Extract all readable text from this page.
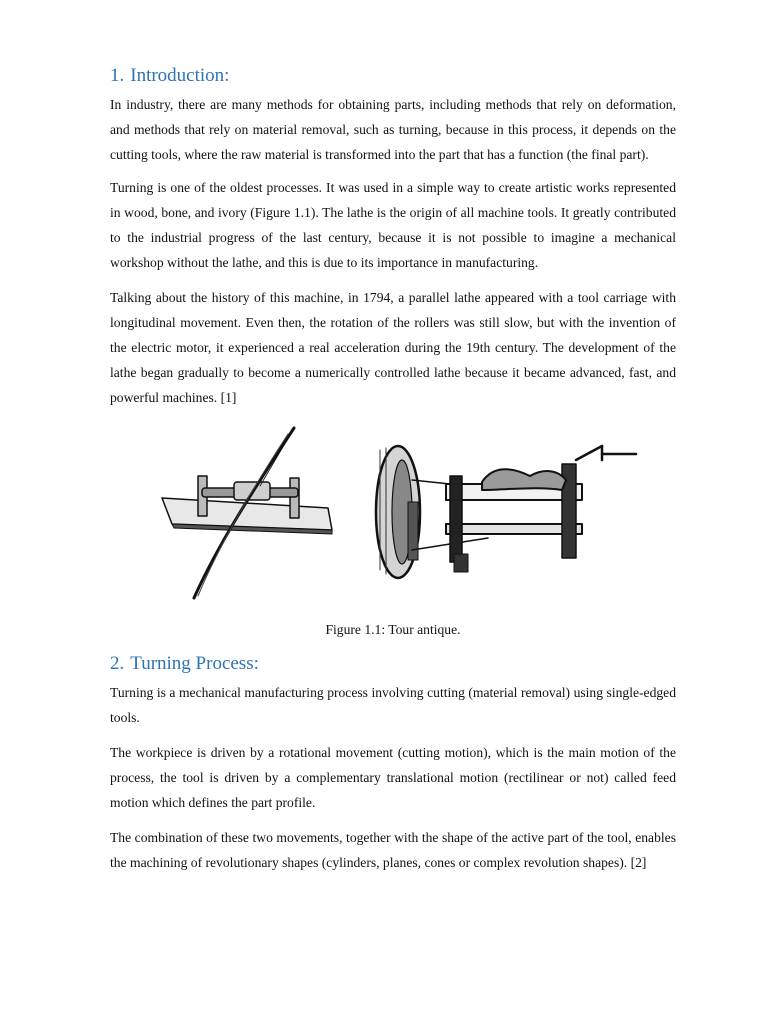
1. Introduction:

In industry, there are many methods for obtaining parts, including methods that rely on deformation, and methods that rely on material removal, such as turning, because in this process, it depends on the cutting tools, where the raw material is transformed into the part that has a function (the final part).

Turning is one of the oldest processes. It was used in a simple way to create artistic works represented in wood, bone, and ivory (Figure 1.1). The lathe is the origin of all machine tools. It greatly contributed to the industrial progress of the last century, because it is not possible to imagine a mechanical workshop without the lathe, and this is due to its importance in manufacturing.

Talking about the history of this machine, in 1794, a parallel lathe appeared with a tool carriage with longitudinal movement. Even then, the rotation of the rollers was still slow, but with the invention of the electric motor, it experienced a real acceleration during the 19th century. The development of the lathe began gradually to become a numerically controlled lathe because it became advanced, fast, and powerful machines. [1]

Figure 1.1: Tour antique.
2. Turning Process:

Turning is a mechanical manufacturing process involving cutting (material removal) using single-edged tools.

The workpiece is driven by a rotational movement (cutting motion), which is the main motion of the process, the tool is driven by a complementary translational motion (rectilinear or not) called feed motion which defines the part profile.

The combination of these two movements, together with the shape of the active part of the tool, enables the machining of revolutionary shapes (cylinders, planes, cones or complex revolution shapes). [2]
